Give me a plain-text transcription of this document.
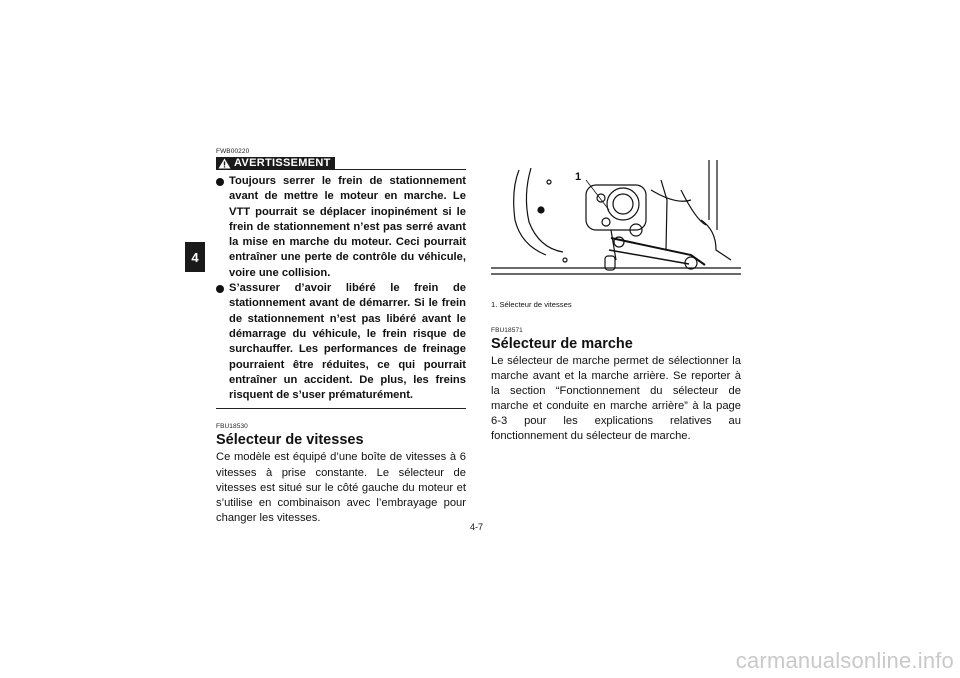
4
FWB00220
AVERTISSEMENT
Toujours serrer le frein de stationnement avant de mettre le moteur en marche. Le VTT pourrait se déplacer inopinément si le frein de stationnement n’est pas serré avant la mise en marche du moteur. Ceci pourrait entraîner une perte de contrôle du véhicule, voire une collision.
S’assurer d’avoir libéré le frein de stationnement avant de démarrer. Si le frein de stationnement n’est pas libéré avant le démarrage du véhicule, le frein risque de surchauffer. Les performances de freinage pourraient être réduites, ce qui pourrait entraîner un accident. De plus, les freins risquent de s’user prématurément.
FBU18530
Sélecteur de vitesses

Ce modèle est équipé d’une boîte de vitesses à 6 vitesses à prise constante. Le sélecteur de vitesses est situé sur le côté gauche du moteur et s’utilise en combinaison avec l’embrayage pour changer les vitesses.

1
1. Sélecteur de vitesses
FBU18571
Sélecteur de marche

Le sélecteur de marche permet de sélectionner la marche avant et la marche arrière. Se reporter à la section “Fonctionnement du sélecteur de marche et conduite en marche arrière” à la page 6-3 pour les explications relatives au fonctionnement du sélecteur de marche.

4-7
carmanualsonline.info
